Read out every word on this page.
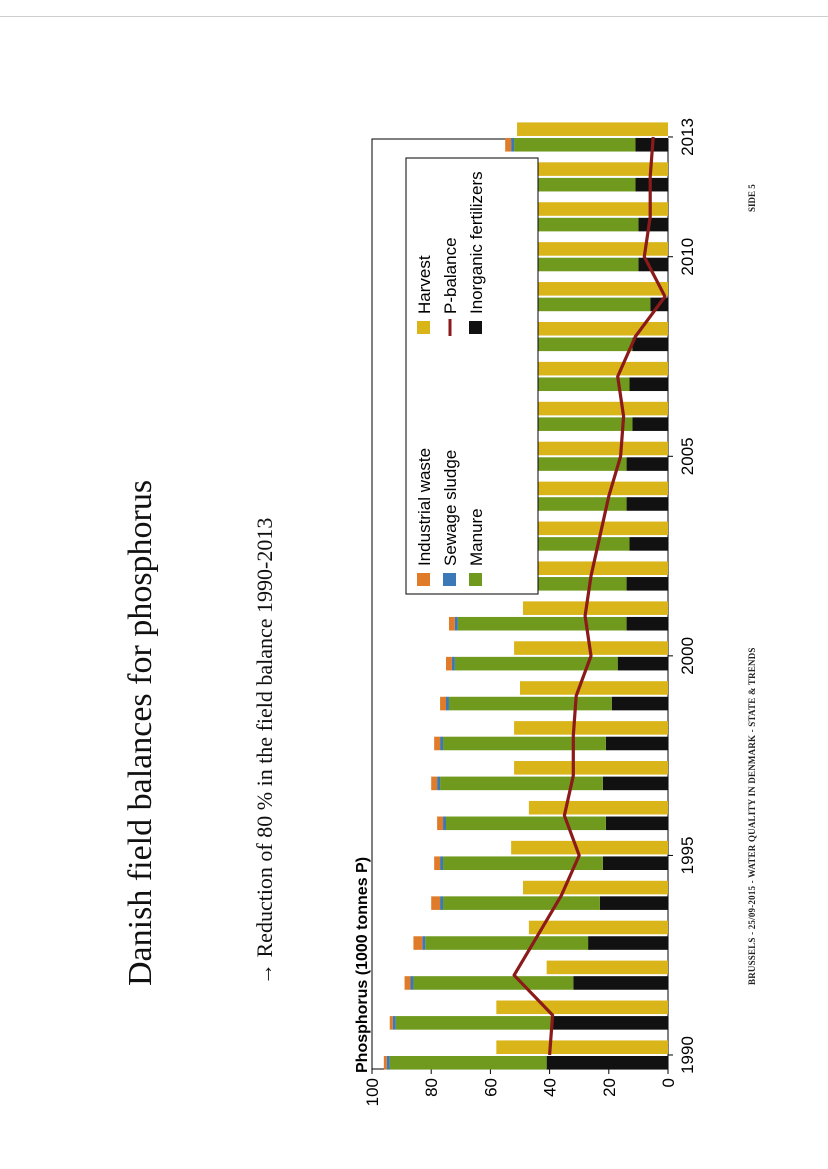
Danish field balances for phosphorus	→ Reduction of 80 % in the field balance 1990-2013	BRUSSELS - 25/09-2015 - WATER QUALITY IN DENMARK - STATE & TRENDS
SIDE 5
0
20
40
60
80
100
1990
1995
2000
2005
2010
2013
Phosphorus (1000 tonnes P)
Industrial waste
Harvest
Sewage sludge
P-balance
Manure
Inorganic fertilizers
